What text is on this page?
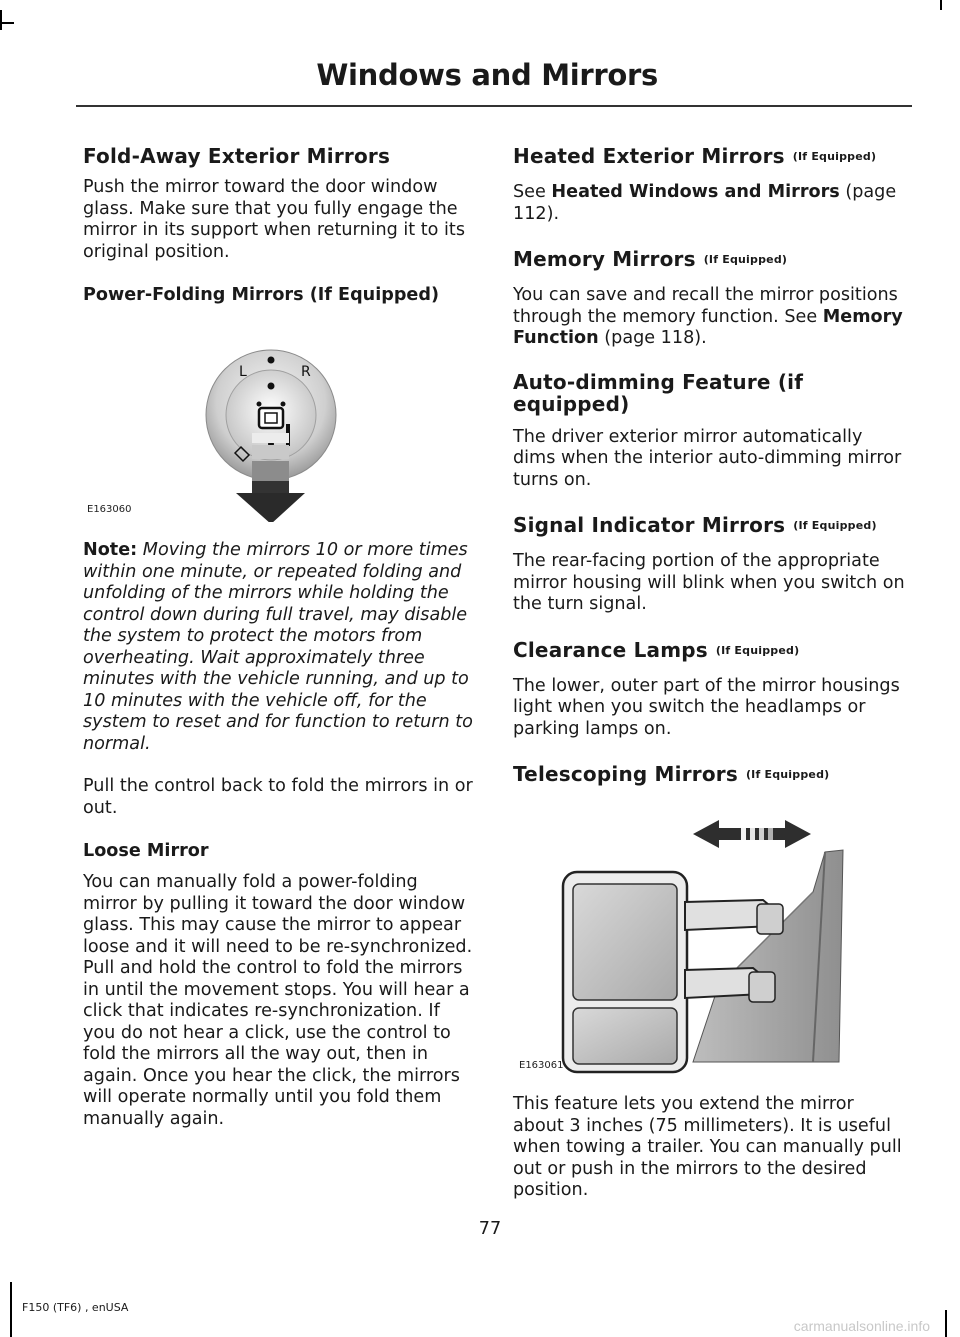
Windows and Mirrors
Fold-Away Exterior Mirrors

Push the mirror toward the door window glass. Make sure that you fully engage the mirror in its support when returning it to its original position.

Power-Folding Mirrors (If Equipped)
L	R
E163060

Note: Moving the mirrors 10 or more times within one minute, or repeated folding and unfolding of the mirrors while holding the control down during full travel, may disable the system to protect the motors from overheating. Wait approximately three minutes with the vehicle running, and up to 10 minutes with the vehicle off, for the system to reset and for function to return to normal.

Pull the control back to fold the mirrors in or out.

Loose Mirror

You can manually fold a power-folding mirror by pulling it toward the door window glass. This may cause the mirror to appear loose and it will need to be re-synchronized. Pull and hold the control to fold the mirrors in until the movement stops. You will hear a click that indicates re-synchronization. If you do not hear a click, use the control to fold the mirrors all the way out, then in again. Once you hear the click, the mirrors will operate normally until you fold them manually again.

Heated Exterior Mirrors (If Equipped)

See Heated Windows and Mirrors (page 112).

Memory Mirrors (If Equipped)

You can save and recall the mirror positions through the memory function. See Memory Function (page 118).

Auto-dimming Feature (if equipped)

The driver exterior mirror automatically dims when the interior auto-dimming mirror turns on.

Signal Indicator Mirrors (If Equipped)

The rear-facing portion of the appropriate mirror housing will blink when you switch on the turn signal.

Clearance Lamps (If Equipped)

The lower, outer part of the mirror housings light when you switch the headlamps or parking lamps on.

Telescoping Mirrors (If Equipped)
E163061

This feature lets you extend the mirror about 3 inches (75 millimeters). It is useful when towing a trailer. You can manually pull out or push in the mirrors to the desired position.

77
F150 (TF6) , enUSA
carmanualsonline.info
